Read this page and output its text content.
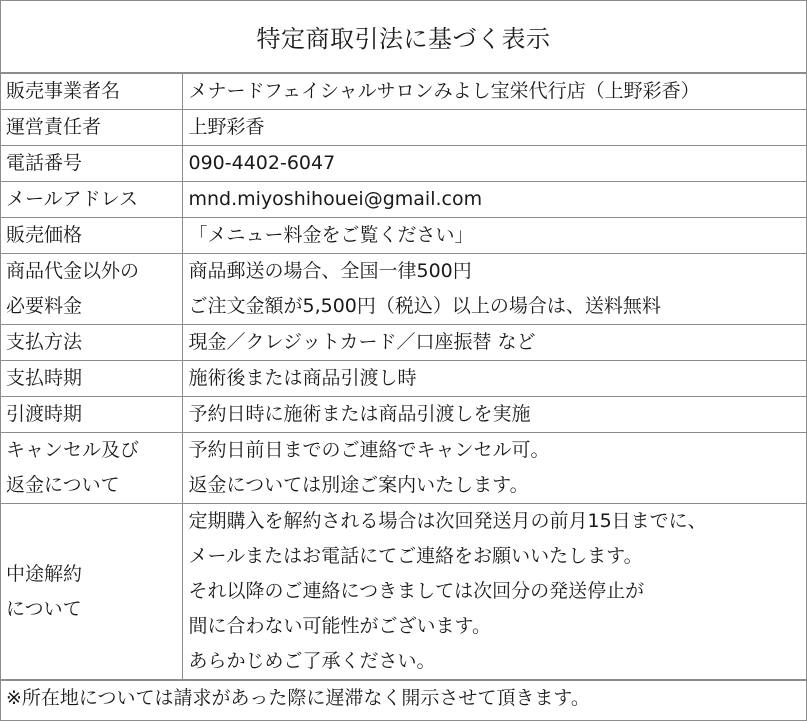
特定商取引法に基づく表示
販売事業者名	メナードフェイシャルサロンみよし宝栄代行店（上野彩香）

運営責任者	上野彩香

電話番号	090-4402-6047

メールアドレス	mnd.miyoshihouei@gmail.com

販売価格	「メニュー料金をご覧ください」

商品代金以外の
必要料金	商品郵送の場合、全国一律500円
ご注文金額が5,500円（税込）以上の場合は、送料無料

支払方法	現金／クレジットカード／口座振替 など

支払時期	施術後または商品引渡し時

引渡時期	予約日時に施術または商品引渡しを実施

キャンセル及び
返金について	予約日前日までのご連絡でキャンセル可。
返金については別途ご案内いたします。

中途解約
について	定期購入を解約される場合は次回発送月の前月15日までに、
メールまたはお電話にてご連絡をお願いいたします。
それ以降のご連絡につきましては次回分の発送停止が
間に合わない可能性がございます。
あらかじめご了承ください。
※所在地については請求があった際に遅滞なく開示させて頂きます。
